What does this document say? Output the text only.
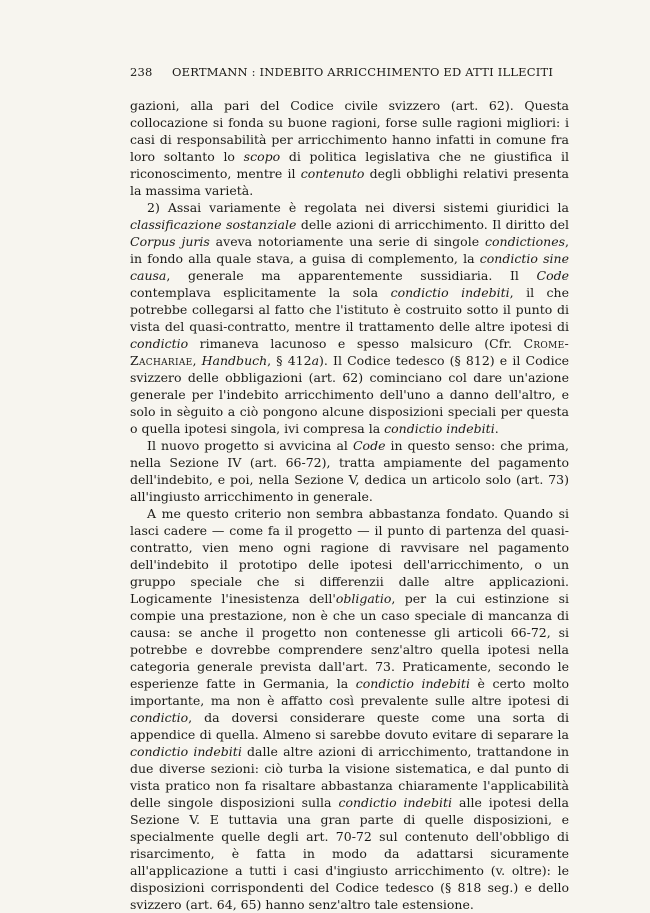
238 OERTMANN : INDEBITO ARRICCHIMENTO ED ATTI ILLECITI

gazioni, alla pari del Codice civile svizzero (art. 62). Questa collocazione si fonda su buone ragioni, forse sulle ragioni migliori: i casi di responsabilità per arricchimento hanno infatti in comune fra loro soltanto lo scopo di politica legislativa che ne giustifica il riconoscimento, mentre il contenuto degli obblighi relativi presenta la massima varietà.

2) Assai variamente è regolata nei diversi sistemi giuridici la classificazione sostanziale delle azioni di arricchimento. Il diritto del Corpus juris aveva notoriamente una serie di singole condictiones, in fondo alla quale stava, a guisa di complemento, la condictio sine causa, generale ma apparentemente sussidiaria. Il Code contemplava esplicitamente la sola condictio indebiti, il che potrebbe collegarsi al fatto che l'istituto è costruito sotto il punto di vista del quasi-contratto, mentre il trattamento delle altre ipotesi di condictio rimaneva lacunoso e spesso malsicuro (Cfr. Crome-Zachariae, Handbuch, § 412a). Il Codice tedesco (§ 812) e il Codice svizzero delle obbligazioni (art. 62) cominciano col dare un'azione generale per l'indebito arricchimento dell'uno a danno dell'altro, e solo in sèguito a ciò pongono alcune disposizioni speciali per questa o quella ipotesi singola, ivi compresa la condictio indebiti.

Il nuovo progetto si avvicina al Code in questo senso: che prima, nella Sezione IV (art. 66-72), tratta ampiamente del pagamento dell'indebito, e poi, nella Sezione V, dedica un articolo solo (art. 73) all'ingiusto arricchimento in generale.

A me questo criterio non sembra abbastanza fondato. Quando si lasci cadere — come fa il progetto — il punto di partenza del quasi-contratto, vien meno ogni ragione di ravvisare nel pagamento dell'indebito il prototipo delle ipotesi dell'arricchimento, o un gruppo speciale che si differenzii dalle altre applicazioni. Logicamente l'inesistenza dell'obligatio, per la cui estinzione si compie una prestazione, non è che un caso speciale di mancanza di causa: se anche il progetto non contenesse gli articoli 66-72, si potrebbe e dovrebbe comprendere senz'altro quella ipotesi nella categoria generale prevista dall'art. 73. Praticamente, secondo le esperienze fatte in Germania, la condictio indebiti è certo molto importante, ma non è affatto così prevalente sulle altre ipotesi di condictio, da doversi considerare queste come una sorta di appendice di quella. Almeno si sarebbe dovuto evitare di separare la condictio indebiti dalle altre azioni di arricchimento, trattandone in due diverse sezioni: ciò turba la visione sistematica, e dal punto di vista pratico non fa risaltare abbastanza chiaramente l'applicabilità delle singole disposizioni sulla condictio indebiti alle ipotesi della Sezione V. E tuttavia una gran parte di quelle disposizioni, e specialmente quelle degli art. 70-72 sul contenuto dell'obbligo di risarcimento, è fatta in modo da adattarsi sicuramente all'applicazione a tutti i casi d'ingiusto arricchimento (v. oltre): le disposizioni corrispondenti del Codice tedesco (§ 818 seg.) e dello svizzero (art. 64, 65) hanno senz'altro tale estensione.
